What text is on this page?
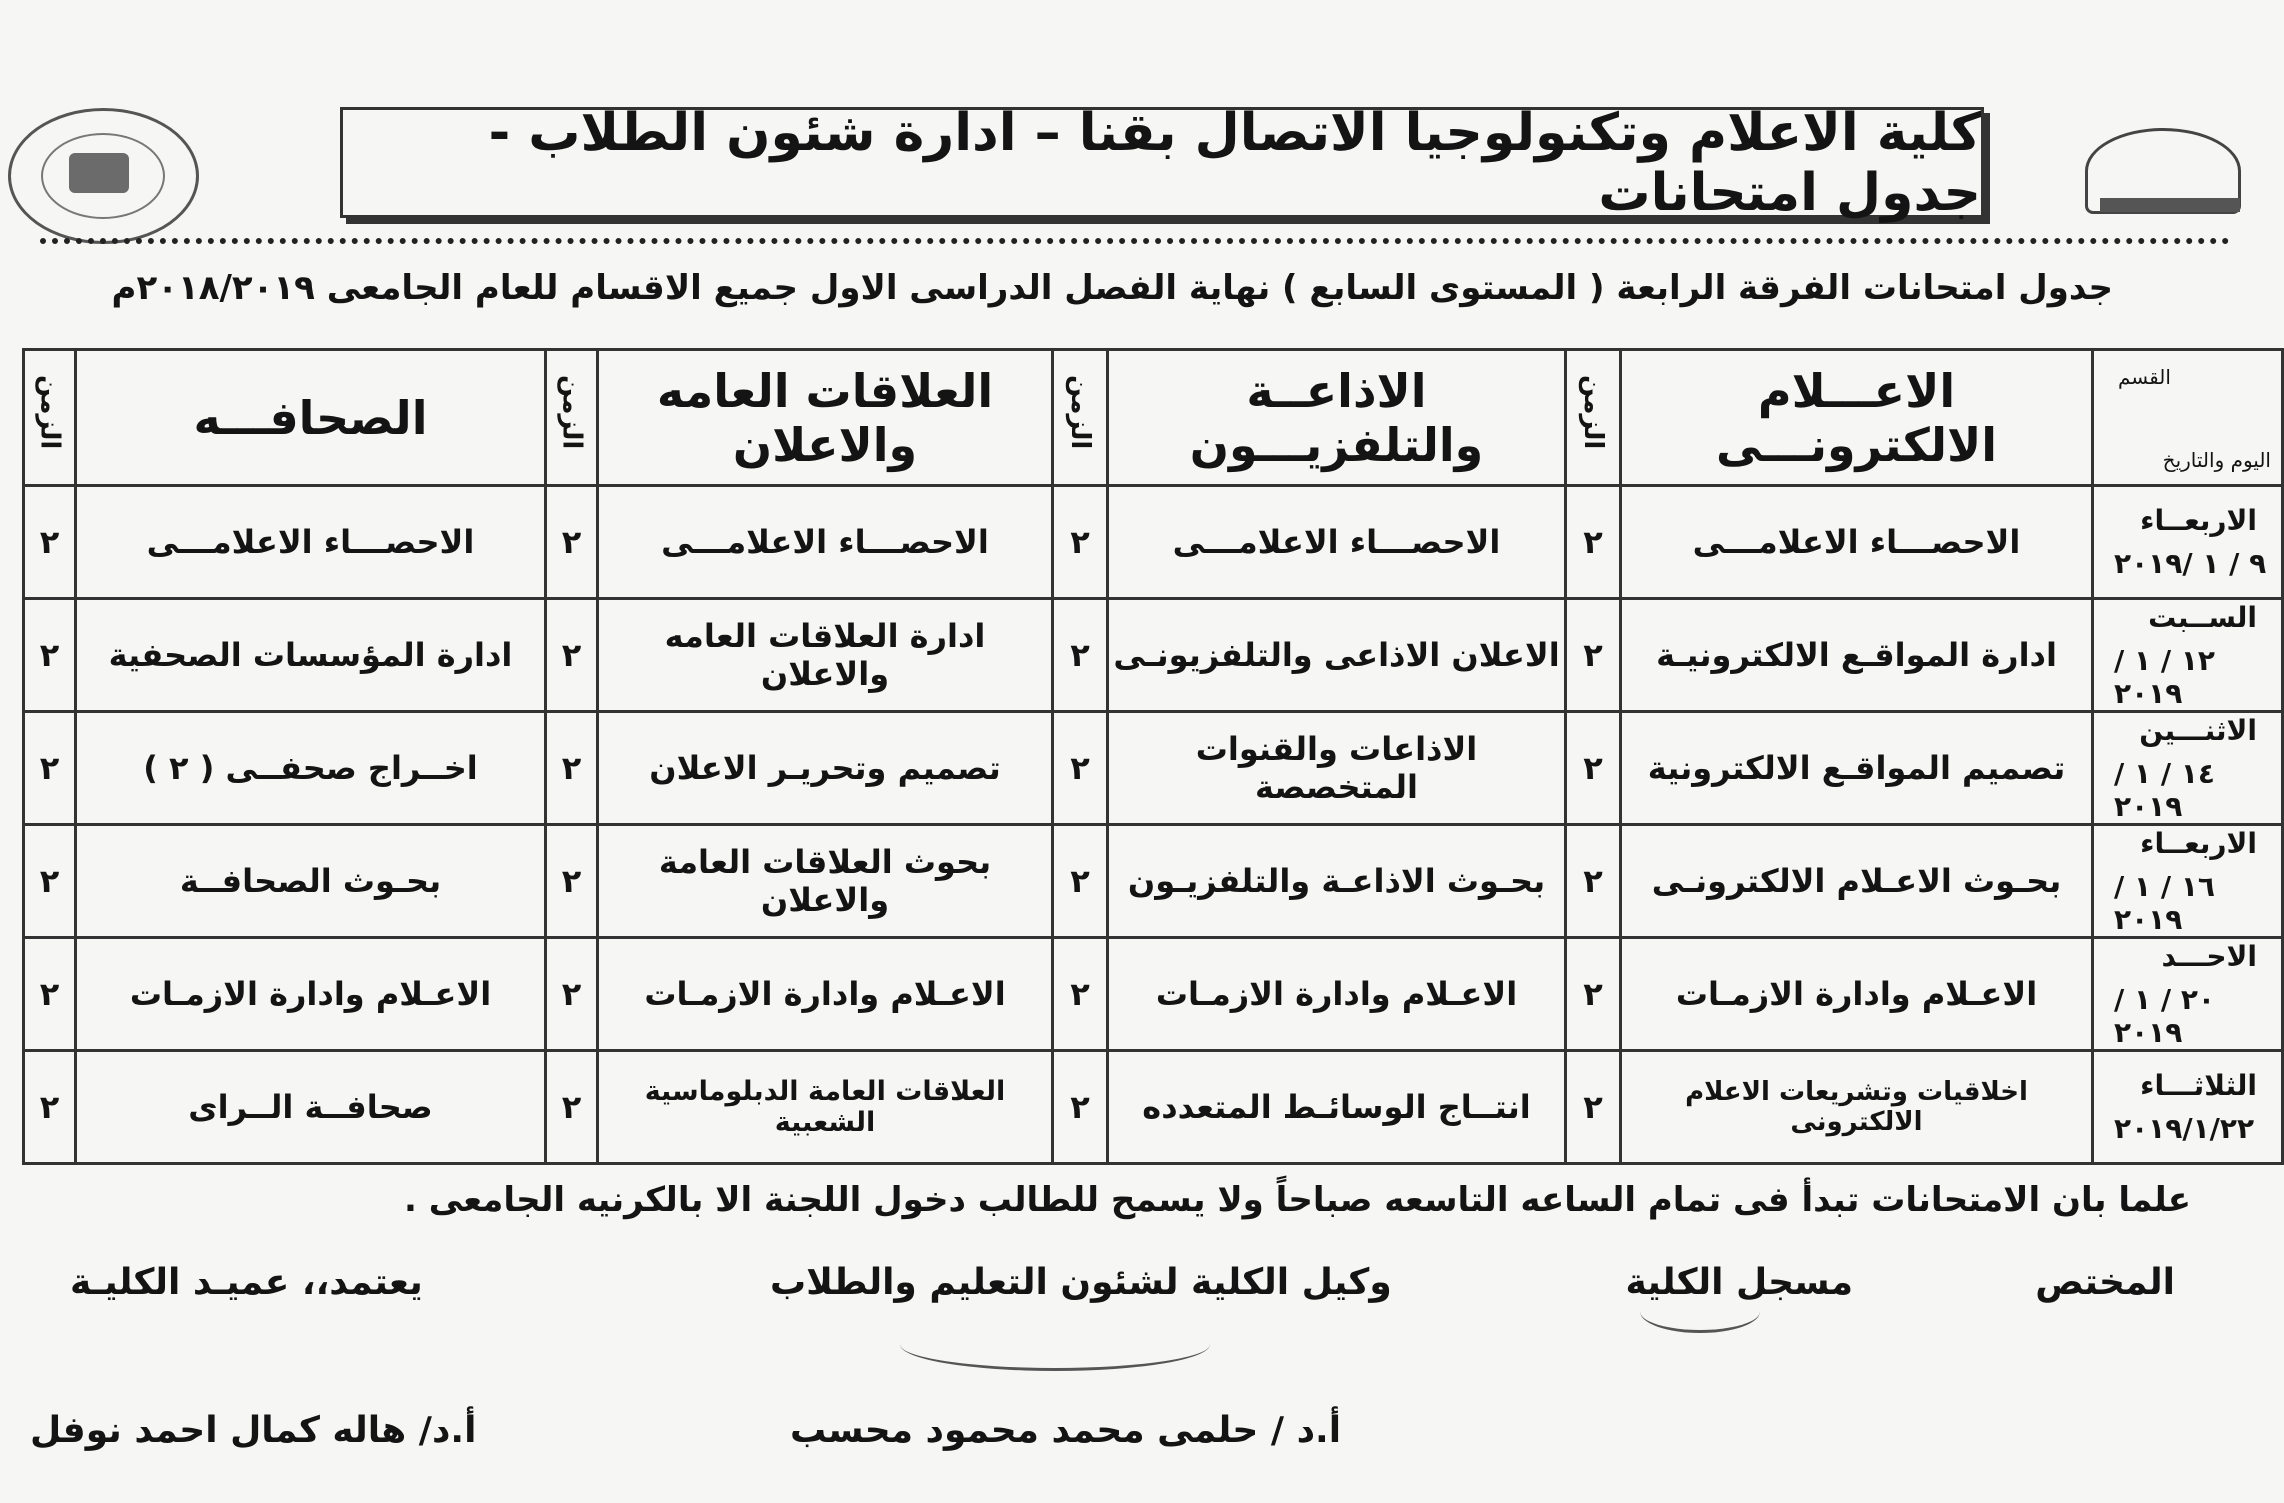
كلية الاعلام وتكنولوجيا الاتصال بقنا – ادارة شئون الطلاب - جدول امتحانات
جدول امتحانات الفرقة الرابعة ( المستوى السابع ) نهاية الفصل الدراسى الاول جميع الاقسام للعام الجامعى ٢٠١٨/٢٠١٩م
القسم
اليوم والتاريخ	الاعـــلام الالكترونـــى	الزمن	الاذاعــة والتلفزيـــون	الزمن	العلاقات العامه والاعلان	الزمن	الصحافـــه	الزمن

الاربعــاء
٩ / ١ /٢٠١٩	الاحصـــاء الاعلامـــى	٢	الاحصـــاء الاعلامـــى	٢	الاحصـــاء الاعلامـــى	٢	الاحصـــاء الاعلامـــى	٢

الســبت
١٢ / ١ / ٢٠١٩	ادارة المواقـع الالكترونيـة	٢	الاعلان الاذاعى والتلفزيونـى	٢	ادارة العلاقات العامه والاعلان	٢	ادارة المؤسسات الصحفية	٢

الاثنـــين
١٤ / ١ /٢٠١٩	تصميم المواقـع الالكترونية	٢	الاذاعات والقنوات المتخصصة	٢	تصميم وتحريـر الاعلان	٢	اخــراج صحفــى ( ٢ )	٢

الاربعــاء
١٦ / ١ /٢٠١٩	بحـوث الاعـلام الالكترونـى	٢	بحـوث الاذاعـة والتلفزيـون	٢	بحوث العلاقات العامة والاعلان	٢	بحـوث الصحافــة	٢

الاحـــد
٢٠ / ١ / ٢٠١٩	الاعـلام وادارة الازمـات	٢	الاعـلام وادارة الازمـات	٢	الاعـلام وادارة الازمـات	٢	الاعـلام وادارة الازمـات	٢

الثلاثـــاء
٢٠١٩/١/٢٢	اخلاقيات وتشريعات الاعلام الالكترونى	٢	انتــاج الوسائـط المتعدده	٢	العلاقات العامة الدبلوماسية الشعبية	٢	صحافــة الــراى	٢
علما بان الامتحانات تبدأ فى تمام الساعه التاسعه صباحاً ولا يسمح للطالب دخول اللجنة الا بالكرنيه الجامعى .
المختص
مسجل الكلية
وكيل الكلية لشئون التعليم والطلاب
أ.د / حلمى محمد محمود محسب
يعتمد،، عميـد الكليـة
أ.د/ هاله كمال احمد نوفل
